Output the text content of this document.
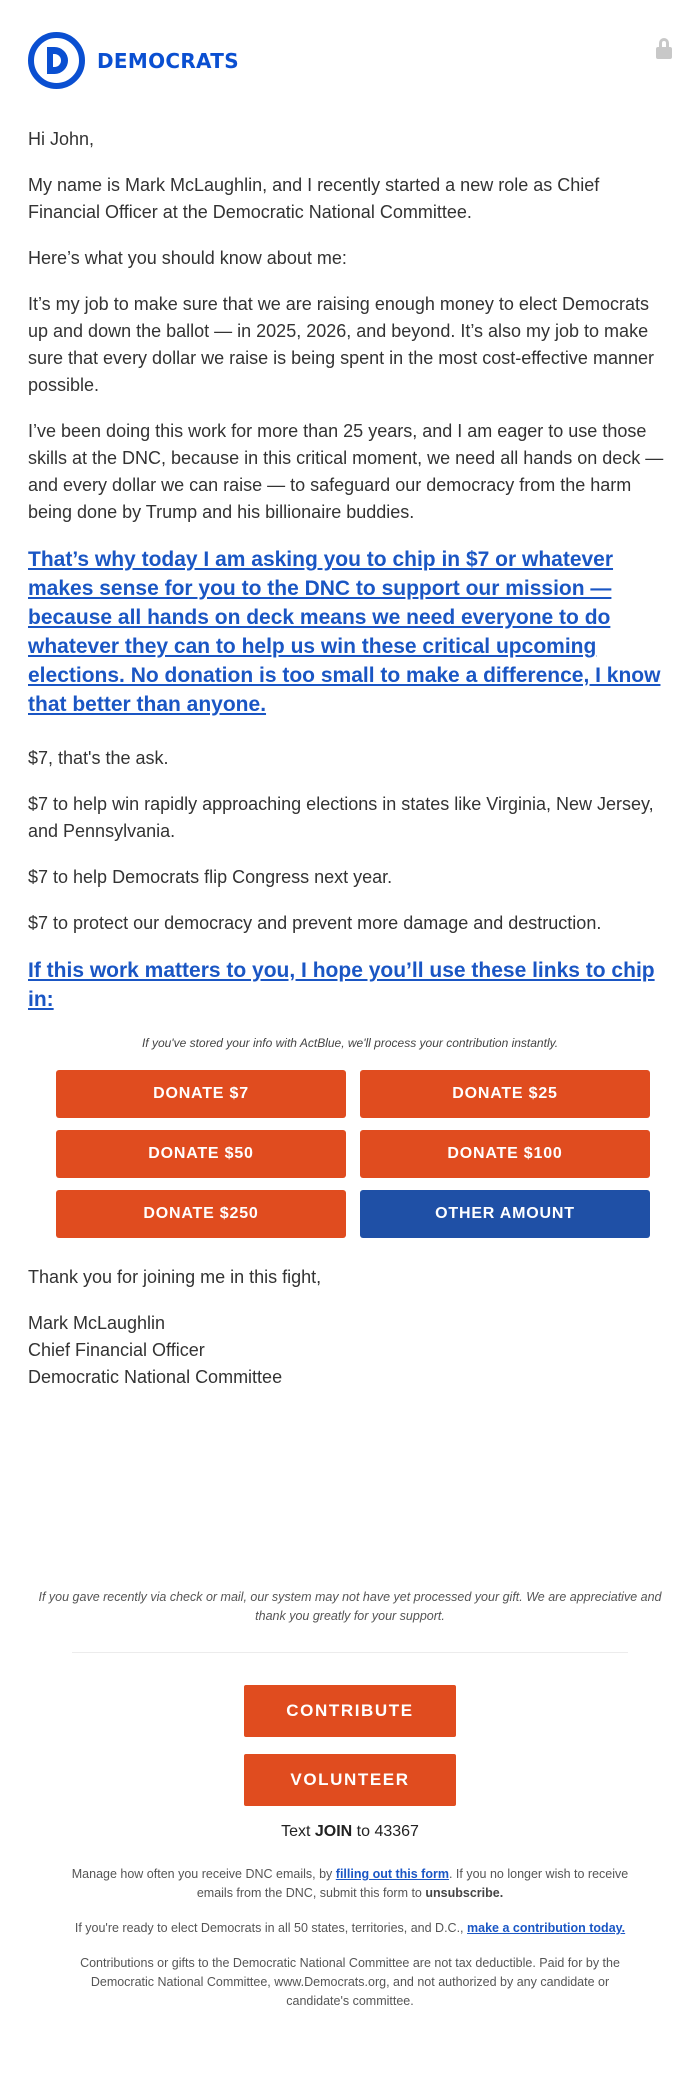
DEMOCRATS

Hi John,

My name is Mark McLaughlin, and I recently started a new role as Chief Financial Officer at the Democratic National Committee.

Here’s what you should know about me:

It’s my job to make sure that we are raising enough money to elect Democrats up and down the ballot — in 2025, 2026, and beyond. It’s also my job to make sure that every dollar we raise is being spent in the most cost-effective manner possible.

I’ve been doing this work for more than 25 years, and I am eager to use those skills at the DNC, because in this critical moment, we need all hands on deck — and every dollar we can raise — to safeguard our democracy from the harm being done by Trump and his billionaire buddies.

That’s why today I am asking you to chip in $7 or whatever makes sense for you to the DNC to support our mission — because all hands on deck means we need everyone to do whatever they can to help us win these critical upcoming elections. No donation is too small to make a difference, I know that better than anyone.

$7, that's the ask.

$7 to help win rapidly approaching elections in states like Virginia, New Jersey, and Pennsylvania.

$7 to help Democrats flip Congress next year.

$7 to protect our democracy and prevent more damage and destruction.

If this work matters to you, I hope you’ll use these links to chip in:

If you've stored your info with ActBlue, we'll process your contribution instantly.

DONATE $7	DONATE $25
DONATE $50	DONATE $100
DONATE $250	OTHER AMOUNT

Thank you for joining me in this fight,

Mark McLaughlin

Chief Financial Officer

Democratic National Committee

If you gave recently via check or mail, our system may not have yet processed your gift. We are appreciative and thank you greatly for your support.

CONTRIBUTE
VOLUNTEER

Text JOIN to 43367

Manage how often you receive DNC emails, by filling out this form. If you no longer wish to receive emails from the DNC, submit this form to unsubscribe.

If you're ready to elect Democrats in all 50 states, territories, and D.C., make a contribution today.

Contributions or gifts to the Democratic National Committee are not tax deductible. Paid for by the Democratic National Committee, www.Democrats.org, and not authorized by any candidate or candidate's committee.
